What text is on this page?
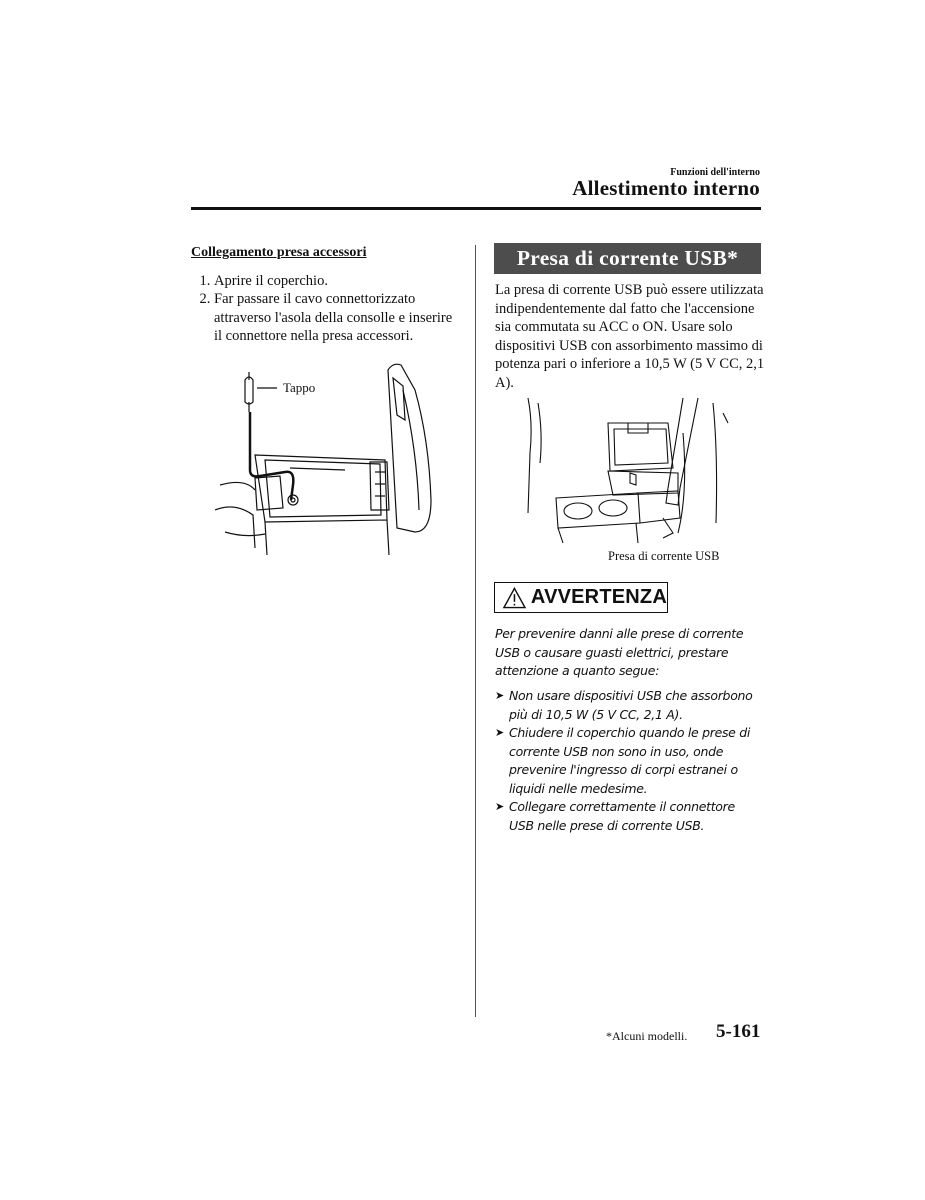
Funzioni dell'interno
Allestimento interno
Collegamento presa accessori
1. Aprire il coperchio.
2. Far passare il cavo connettorizzato attraverso l'asola della consolle e inserire il connettore nella presa accessori.
Tappo
Presa di corrente USB*
La presa di corrente USB può essere utilizzata indipendentemente dal fatto che l'accensione sia commutata su ACC o ON. Usare solo dispositivi USB con assorbimento massimo di potenza pari o inferiore a 10,5 W (5 V CC, 2,1 A).
Presa di corrente USB
AVVERTENZA
Per prevenire danni alle prese di corrente USB o causare guasti elettrici, prestare attenzione a quanto segue:
➤ Non usare dispositivi USB che assorbono più di 10,5 W (5 V CC, 2,1 A).
➤ Chiudere il coperchio quando le prese di corrente USB non sono in uso, onde prevenire l'ingresso di corpi estranei o liquidi nelle medesime.
➤ Collegare correttamente il connettore USB nelle prese di corrente USB.
*Alcuni modelli. 5-161
